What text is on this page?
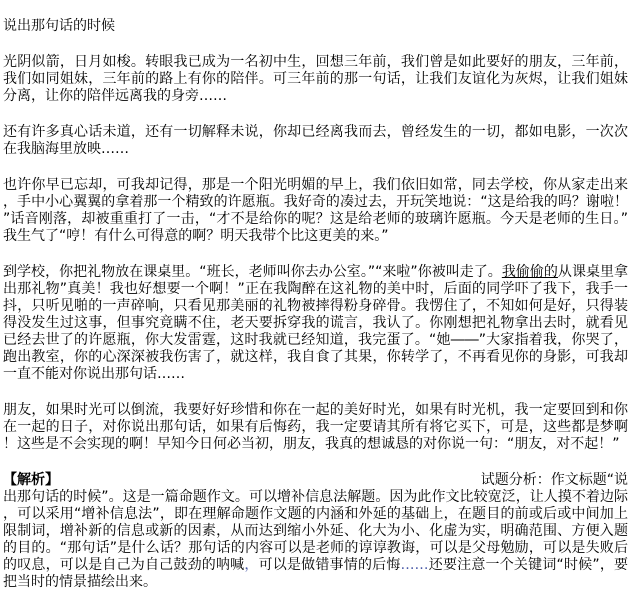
说出那句话的时候

光阴似箭，日月如梭。转眼我已成为一名初中生，回想三年前，我们曾是如此要好的朋友，三年前，我们如同姐妹，三年前的路上有你的陪伴。可三年前的那一句话，让我们友谊化为灰烬，让我们姐妹分离，让你的陪伴远离我的身旁……

还有许多真心话未道，还有一切解释未说，你却已经离我而去，曾经发生的一切，都如电影，一次次在我脑海里放映……

也许你早已忘却，可我却记得，那是一个阳光明媚的早上，我们依旧如常，同去学校，你从家走出来，手中小心翼翼的拿着那一个精致的许愿瓶。我好奇的凑过去，开玩笑地说：“这是给我的吗？谢啦！”话音刚落，却被重重打了一击，“才不是给你的呢？这是给老师的玻璃许愿瓶。今天是老师的生日。”我生气了“哼！有什么可得意的啊？明天我带个比这更美的来。”

到学校，你把礼物放在课桌里。“班长，老师叫你去办公室。”“来啦”你被叫走了。我偷偷的从课桌里拿出那礼物”真美！我也好想要一个啊！”正在我陶醉在这礼物的美中时，后面的同学吓了我下，我手一抖，只听见啪的一声碎响，只看见那美丽的礼物被摔得粉身碎骨。我愣住了，不知如何是好，只得装得没发生过这事，但事究竟瞒不住，老天要拆穿我的谎言，我认了。你刚想把礼物拿出去时，就看见已经去世了的许愿瓶，你大发雷霆，这时我就已经知道，我完蛋了。“她――”大家指着我，你哭了，跑出教室，你的心深深被我伤害了，就这样，我自食了其果，你转学了，不再看见你的身影，可我却一直不能对你说出那句话……

朋友，如果时光可以倒流，我要好好珍惜和你在一起的美好时光，如果有时光机，我一定要回到和你在一起的日子，对你说出那句话，如果有后悔药，我一定要请其所有将它买下，可是，这些都是梦啊！这些是不会实现的啊！早知今日何必当初，朋友，我真的想诚恳的对你说一句：“朋友，对不起！”

【解析】	试题分析：作文标题“说

出那句话的时候”。这是一篇命题作文。可以增补信息法解题。因为此作文比较宽泛，让人摸不着边际，可以采用“增补信息法”，即在理解命题作文题的内涵和外延的基础上，在题目的前或后或中间加上限制词，增补新的信息或新的因素，从而达到缩小外延、化大为小、化虚为实，明确范围、方便入题的目的。“那句话”是什么话？那句话的内容可以是老师的谆谆教诲，可以是父母勉励，可以是失败后的叹息，可以是自己为自己鼓劲的呐喊，可以是做错事情的后悔……还要注意一个关键词“时候”，要把当时的情景描绘出来。
